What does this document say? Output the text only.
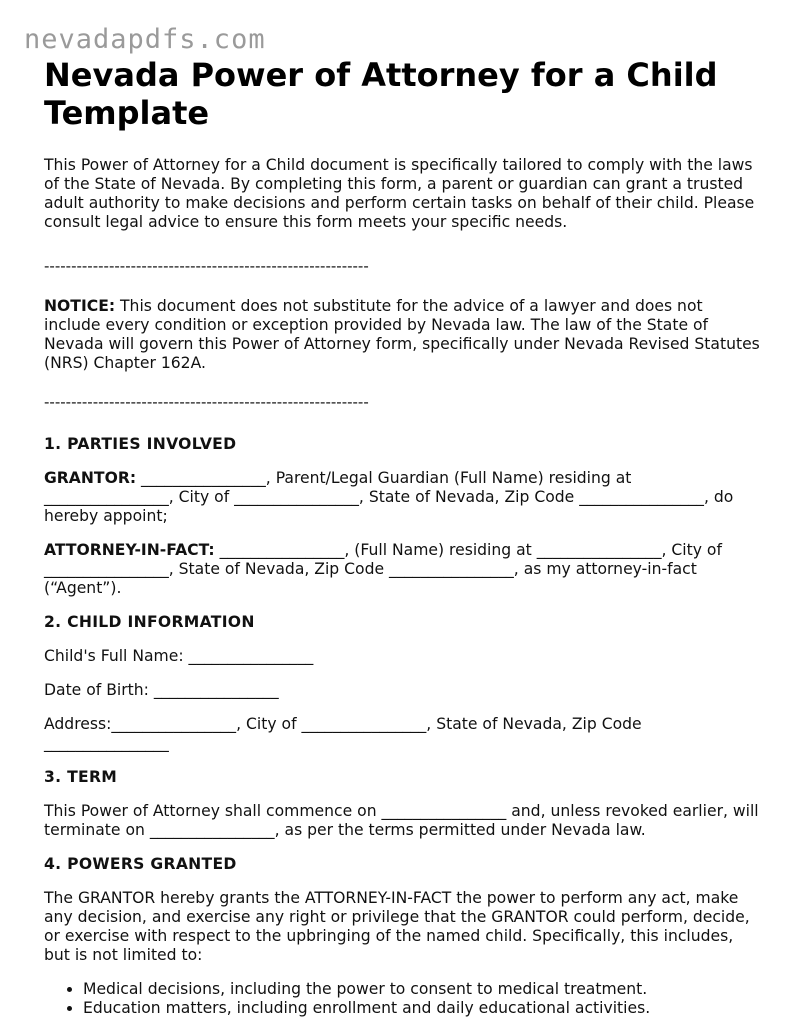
nevadapdfs.com
Nevada Power of Attorney for a Child Template

This Power of Attorney for a Child document is specifically tailored to comply with the laws of the State of Nevada. By completing this form, a parent or guardian can grant a trusted adult authority to make decisions and perform certain tasks on behalf of their child. Please consult legal advice to ensure this form meets your specific needs.

------------------------------------------------------------

NOTICE: This document does not substitute for the advice of a lawyer and does not include every condition or exception provided by Nevada law. The law of the State of Nevada will govern this Power of Attorney form, specifically under Nevada Revised Statutes (NRS) Chapter 162A.

------------------------------------------------------------

1. PARTIES INVOLVED

GRANTOR: ________________, Parent/Legal Guardian (Full Name) residing at ________________, City of ________________, State of Nevada, Zip Code ________________, do hereby appoint;

ATTORNEY-IN-FACT: ________________, (Full Name) residing at ________________, City of ________________, State of Nevada, Zip Code ________________, as my attorney-in-fact (“Agent”).

2. CHILD INFORMATION

Child's Full Name: ________________

Date of Birth: ________________

Address:________________, City of ________________, State of Nevada, Zip Code ________________

3. TERM

This Power of Attorney shall commence on ________________ and, unless revoked earlier, will terminate on ________________, as per the terms permitted under Nevada law.

4. POWERS GRANTED

The GRANTOR hereby grants the ATTORNEY-IN-FACT the power to perform any act, make any decision, and exercise any right or privilege that the GRANTOR could perform, decide, or exercise with respect to the upbringing of the named child. Specifically, this includes, but is not limited to:

• Medical decisions, including the power to consent to medical treatment.
• Education matters, including enrollment and daily educational activities.
